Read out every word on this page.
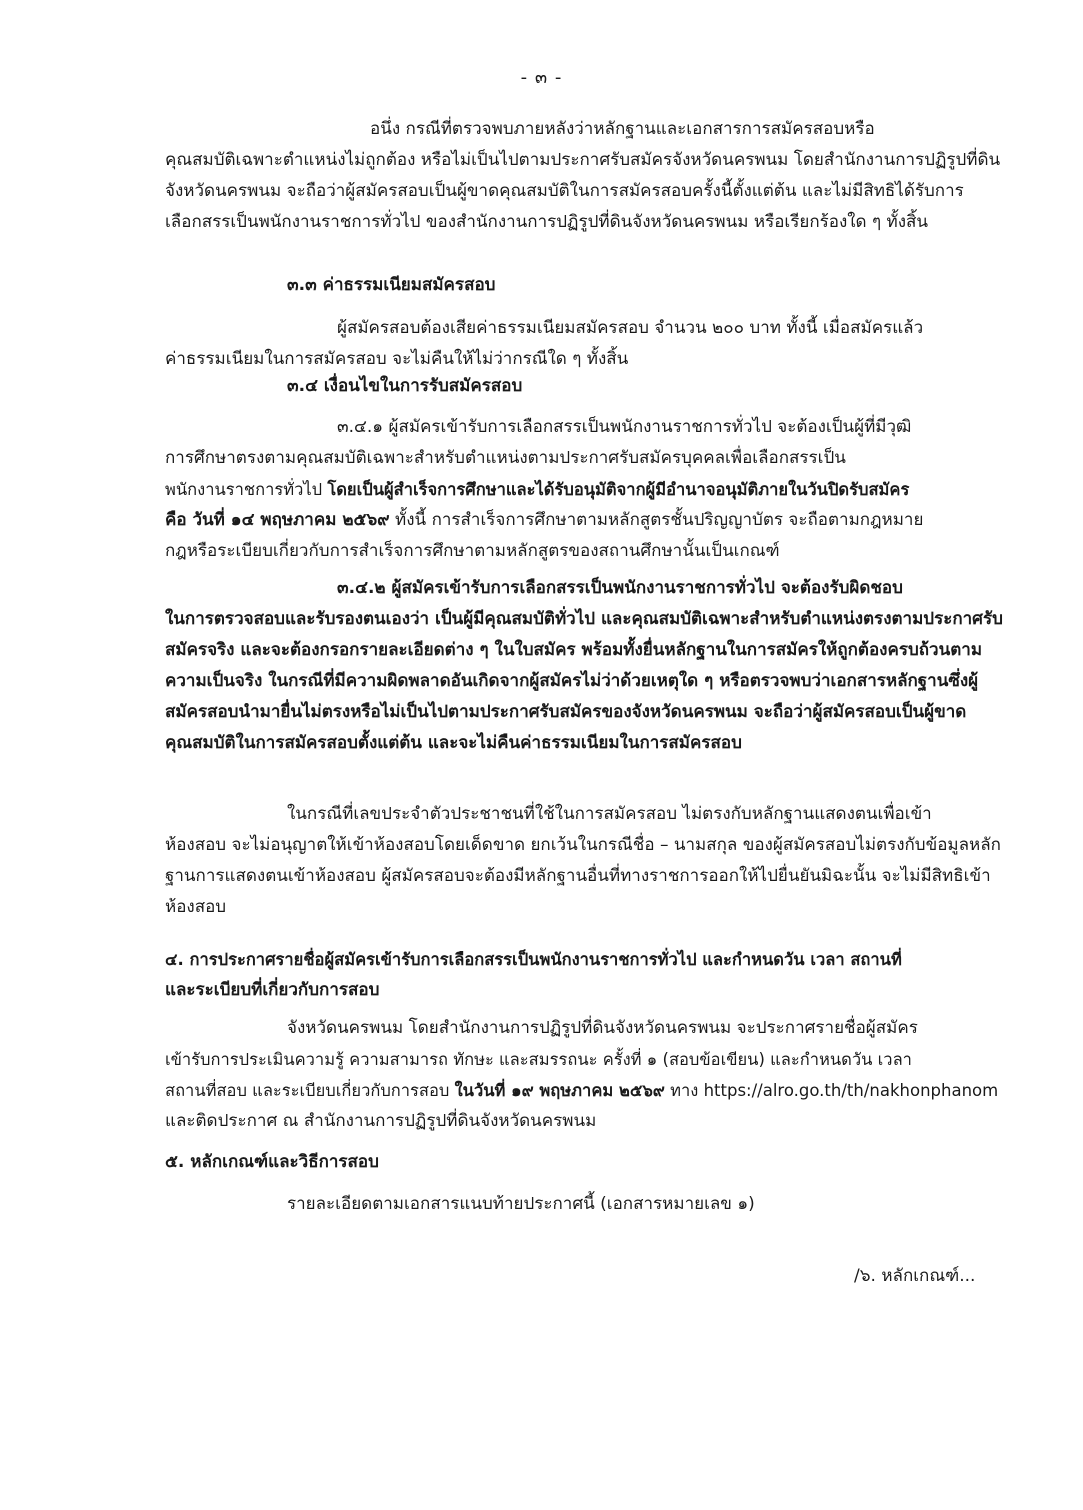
- ๓ -

อนึ่ง กรณีที่ตรวจพบภายหลังว่าหลักฐานและเอกสารการสมัครสอบหรือ
คุณสมบัติเฉพาะตำแหน่งไม่ถูกต้อง หรือไม่เป็นไปตามประกาศรับสมัครจังหวัดนครพนม โดยสำนักงานการปฏิรูปที่ดินจังหวัดนครพนม จะถือว่าผู้สมัครสอบเป็นผู้ขาดคุณสมบัติในการสมัครสอบครั้งนี้ตั้งแต่ต้น และไม่มีสิทธิได้รับการเลือกสรรเป็นพนักงานราชการทั่วไป ของสำนักงานการปฏิรูปที่ดินจังหวัดนครพนม หรือเรียกร้องใด ๆ ทั้งสิ้น

๓.๓ ค่าธรรมเนียมสมัครสอบ

ผู้สมัครสอบต้องเสียค่าธรรมเนียมสมัครสอบ จำนวน ๒๐๐ บาท ทั้งนี้ เมื่อสมัครแล้ว
ค่าธรรมเนียมในการสมัครสอบ จะไม่คืนให้ไม่ว่ากรณีใด ๆ ทั้งสิ้น

๓.๔ เงื่อนไขในการรับสมัครสอบ

๓.๔.๑ ผู้สมัครเข้ารับการเลือกสรรเป็นพนักงานราชการทั่วไป จะต้องเป็นผู้ที่มีวุฒิ
การศึกษาตรงตามคุณสมบัติเฉพาะสำหรับตำแหน่งตามประกาศรับสมัครบุคคลเพื่อเลือกสรรเป็น
พนักงานราชการทั่วไป โดยเป็นผู้สำเร็จการศึกษาและได้รับอนุมัติจากผู้มีอำนาจอนุมัติภายในวันปิดรับสมัคร
คือ วันที่ ๑๔ พฤษภาคม ๒๕๖๙ ทั้งนี้ การสำเร็จการศึกษาตามหลักสูตรชั้นปริญญาบัตร จะถือตามกฎหมาย
กฎหรือระเบียบเกี่ยวกับการสำเร็จการศึกษาตามหลักสูตรของสถานศึกษานั้นเป็นเกณฑ์

๓.๔.๒ ผู้สมัครเข้ารับการเลือกสรรเป็นพนักงานราชการทั่วไป จะต้องรับผิดชอบ
ในการตรวจสอบและรับรองตนเองว่า เป็นผู้มีคุณสมบัติทั่วไป และคุณสมบัติเฉพาะสำหรับตำแหน่งตรงตามประกาศรับสมัครจริง และจะต้องกรอกรายละเอียดต่าง ๆ ในใบสมัคร พร้อมทั้งยื่นหลักฐานในการสมัครให้ถูกต้องครบถ้วนตามความเป็นจริง ในกรณีที่มีความผิดพลาดอันเกิดจากผู้สมัครไม่ว่าด้วยเหตุใด ๆ หรือตรวจพบว่าเอกสารหลักฐานซึ่งผู้สมัครสอบนำมายื่นไม่ตรงหรือไม่เป็นไปตามประกาศรับสมัครของจังหวัดนครพนม จะถือว่าผู้สมัครสอบเป็นผู้ขาดคุณสมบัติในการสมัครสอบตั้งแต่ต้น และจะไม่คืนค่าธรรมเนียมในการสมัครสอบ

ในกรณีที่เลขประจำตัวประชาชนที่ใช้ในการสมัครสอบ ไม่ตรงกับหลักฐานแสดงตนเพื่อเข้า
ห้องสอบ จะไม่อนุญาตให้เข้าห้องสอบโดยเด็ดขาด ยกเว้นในกรณีชื่อ – นามสกุล ของผู้สมัครสอบไม่ตรงกับข้อมูลหลักฐานการแสดงตนเข้าห้องสอบ ผู้สมัครสอบจะต้องมีหลักฐานอื่นที่ทางราชการออกให้ไปยื่นยันมิฉะนั้น จะไม่มีสิทธิเข้าห้องสอบ

๔. การประกาศรายชื่อผู้สมัครเข้ารับการเลือกสรรเป็นพนักงานราชการทั่วไป และกำหนดวัน เวลา สถานที่
และระเบียบที่เกี่ยวกับการสอบ

จังหวัดนครพนม โดยสำนักงานการปฏิรูปที่ดินจังหวัดนครพนม จะประกาศรายชื่อผู้สมัคร
เข้ารับการประเมินความรู้ ความสามารถ ทักษะ และสมรรถนะ ครั้งที่ ๑ (สอบข้อเขียน) และกำหนดวัน เวลา
สถานที่สอบ และระเบียบเกี่ยวกับการสอบ ในวันที่ ๑๙ พฤษภาคม ๒๕๖๙ ทาง https://alro.go.th/th/nakhonphanom
และติดประกาศ ณ สำนักงานการปฏิรูปที่ดินจังหวัดนครพนม

๕. หลักเกณฑ์และวิธีการสอบ

รายละเอียดตามเอกสารแนบท้ายประกาศนี้ (เอกสารหมายเลข ๑)

/๖. หลักเกณฑ์...
